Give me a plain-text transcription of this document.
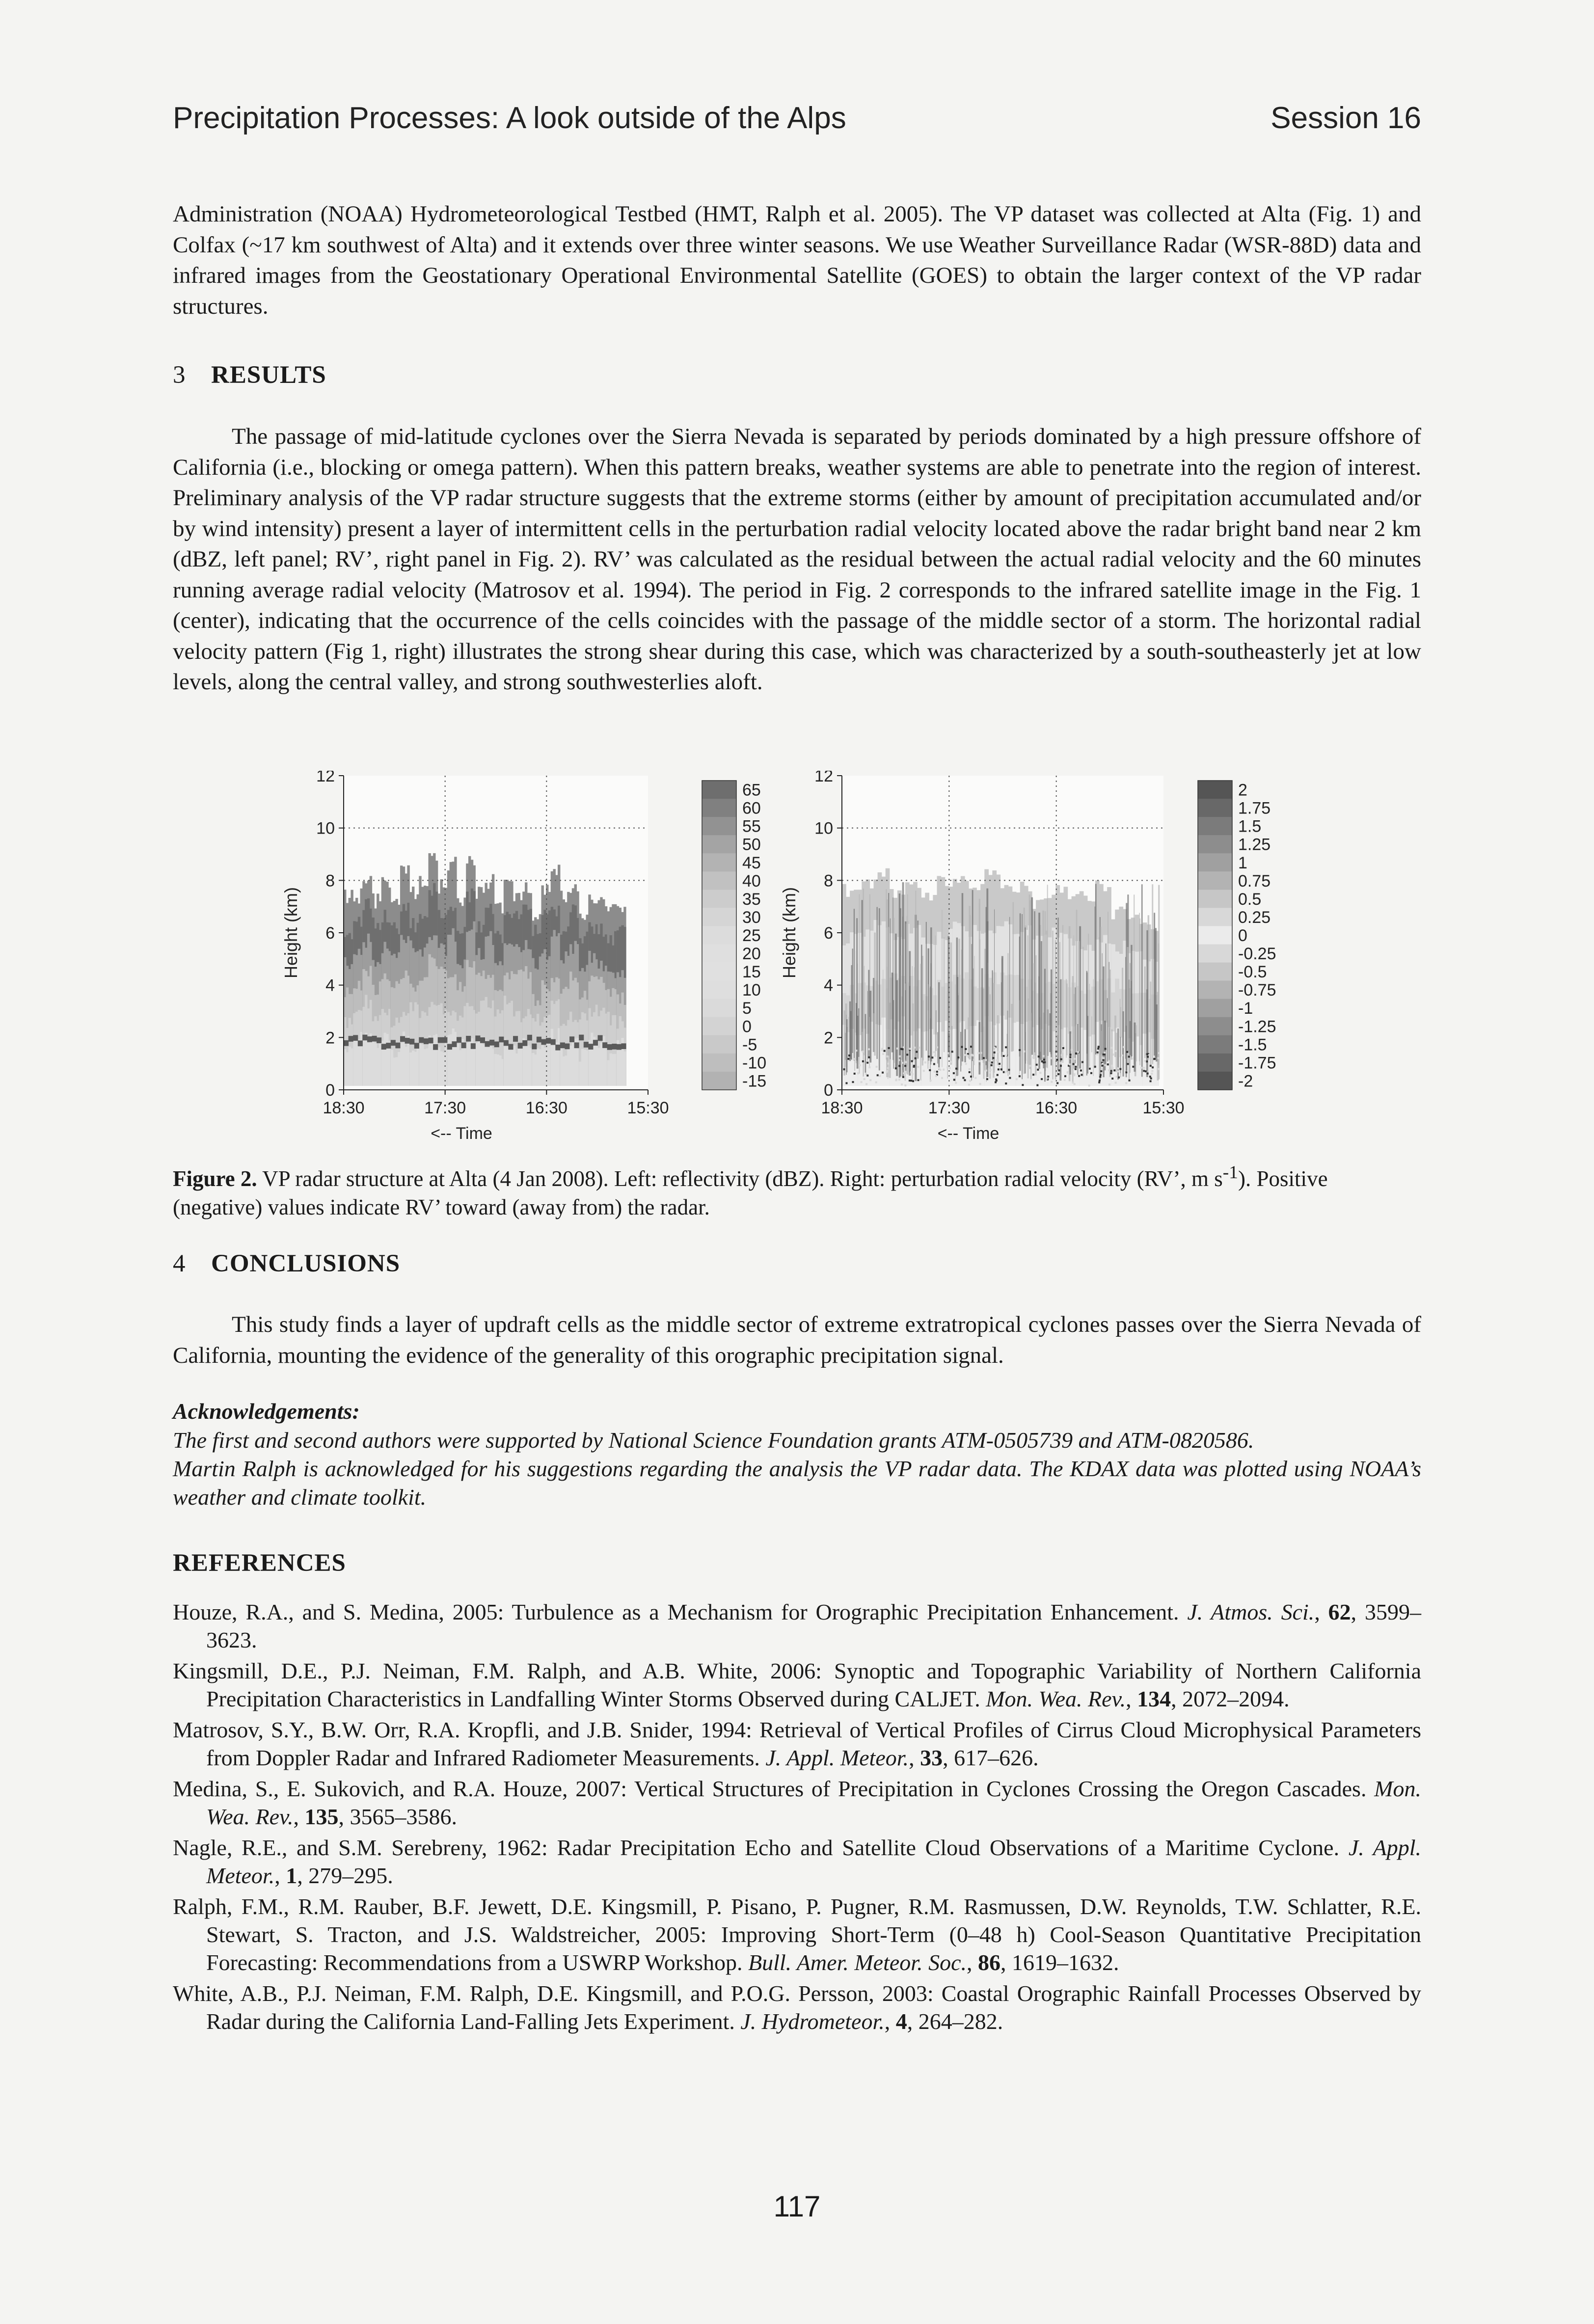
Precipitation Processes: A look outside of the Alps	Session 16

Administration (NOAA) Hydrometeorological Testbed (HMT, Ralph et al. 2005). The VP dataset was collected at Alta (Fig. 1) and Colfax (~17 km southwest of Alta) and it extends over three winter seasons. We use Weather Surveillance Radar (WSR-88D) data and infrared images from the Geostationary Operational Environmental Satellite (GOES) to obtain the larger context of the VP radar structures.

3 RESULTS

The passage of mid-latitude cyclones over the Sierra Nevada is separated by periods dominated by a high pressure offshore of California (i.e., blocking or omega pattern). When this pattern breaks, weather systems are able to penetrate into the region of interest. Preliminary analysis of the VP radar structure suggests that the extreme storms (either by amount of precipitation accumulated and/or by wind intensity) present a layer of intermittent cells in the perturbation radial velocity located above the radar bright band near 2 km (dBZ, left panel; RV’, right panel in Fig. 2). RV’ was calculated as the residual between the actual radial velocity and the 60 minutes running average radial velocity (Matrosov et al. 1994). The period in Fig. 2 corresponds to the infrared satellite image in the Fig. 1 (center), indicating that the occurrence of the cells coincides with the passage of the middle sector of a storm. The horizontal radial velocity pattern (Fig 1, right) illustrates the strong shear during this case, which was characterized by a south-southeasterly jet at low levels, along the central valley, and strong southwesterlies aloft.

0
2
4
6
8
10
12
18:30	17:30	16:30	15:30
<-- Time
Height (km)
65
60
55
50
45
40
35
30
25
20
15
10
5
0
-5
-10
-15	0
2
4
6
8
10
12
18:30	17:30	16:30	15:30
<-- Time
Height (km)
2
1.75
1.5
1.25
1
0.75
0.5
0.25
0
-0.25
-0.5
-0.75
-1
-1.25
-1.5
-1.75
-2
Figure 2. VP radar structure at Alta (4 Jan 2008). Left: reflectivity (dBZ). Right: perturbation radial velocity (RV’, m $s^{-1}$). Positive (negative) values indicate RV’ toward (away from) the radar.
4 CONCLUSIONS

This study finds a layer of updraft cells as the middle sector of extreme extratropical cyclones passes over the Sierra Nevada of California, mounting the evidence of the generality of this orographic precipitation signal.

Acknowledgements:

The first and second authors were supported by National Science Foundation grants ATM-0505739 and ATM-0820586.

Martin Ralph is acknowledged for his suggestions regarding the analysis the VP radar data. The KDAX data was plotted using NOAA’s weather and climate toolkit.

REFERENCES

Houze, R.A., and S. Medina, 2005: Turbulence as a Mechanism for Orographic Precipitation Enhancement. J. Atmos. Sci., 62, 3599–3623.

Kingsmill, D.E., P.J. Neiman, F.M. Ralph, and A.B. White, 2006: Synoptic and Topographic Variability of Northern California Precipitation Characteristics in Landfalling Winter Storms Observed during CALJET. Mon. Wea. Rev., 134, 2072–2094.

Matrosov, S.Y., B.W. Orr, R.A. Kropfli, and J.B. Snider, 1994: Retrieval of Vertical Profiles of Cirrus Cloud Microphysical Parameters from Doppler Radar and Infrared Radiometer Measurements. J. Appl. Meteor., 33, 617–626.

Medina, S., E. Sukovich, and R.A. Houze, 2007: Vertical Structures of Precipitation in Cyclones Crossing the Oregon Cascades. Mon. Wea. Rev., 135, 3565–3586.

Nagle, R.E., and S.M. Serebreny, 1962: Radar Precipitation Echo and Satellite Cloud Observations of a Maritime Cyclone. J. Appl. Meteor., 1, 279–295.

Ralph, F.M., R.M. Rauber, B.F. Jewett, D.E. Kingsmill, P. Pisano, P. Pugner, R.M. Rasmussen, D.W. Reynolds, T.W. Schlatter, R.E. Stewart, S. Tracton, and J.S. Waldstreicher, 2005: Improving Short-Term (0–48 h) Cool-Season Quantitative Precipitation Forecasting: Recommendations from a USWRP Workshop. Bull. Amer. Meteor. Soc., 86, 1619–1632.

White, A.B., P.J. Neiman, F.M. Ralph, D.E. Kingsmill, and P.O.G. Persson, 2003: Coastal Orographic Rainfall Processes Observed by Radar during the California Land-Falling Jets Experiment. J. Hydrometeor., 4, 264–282.

117
